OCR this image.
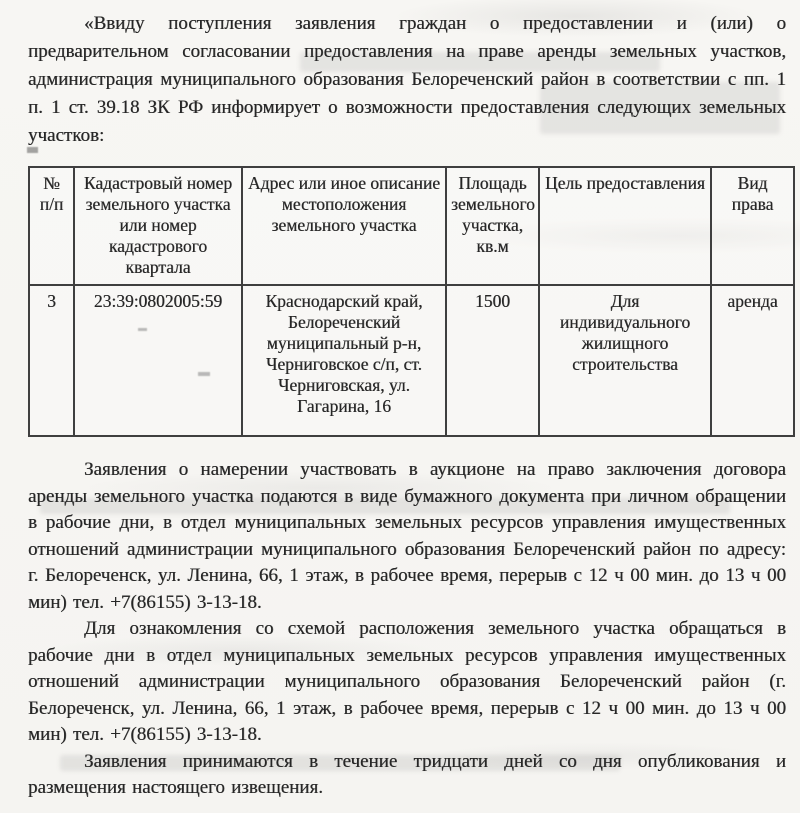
«Ввиду поступления заявления граждан о предоставлении и (или) о предварительном согласовании предоставления на праве аренды земельных участков, администрация муниципального образования Белореченский район в соответствии с пп. 1 п. 1 ст. 39.18 ЗК РФ информирует о возможности предоставления следующих земельных участков:

№ п/п	Кадастровый номер земельного участка или номер кадастрового квартала	Адрес или иное описание местоположения земельного участка	Площадь земельного участка, кв.м	Цель предоставления	Вид права
3	23:39:0802005:59	Краснодарский край, Белореченский муниципальный р-н, Черниговское с/п, ст. Черниговская, ул. Гагарина, 16	1500	Для индивидуального жилищного строительства	аренда

Заявления о намерении участвовать в аукционе на право заключения договора аренды земельного участка подаются в виде бумажного документа при личном обращении в рабочие дни, в отдел муниципальных земельных ресурсов управления имущественных отношений администрации муниципального образования Белореченский район по адресу: г. Белореченск, ул. Ленина, 66, 1 этаж, в рабочее время, перерыв с 12 ч 00 мин. до 13 ч 00 мин) тел. +7(86155) 3-13-18.

Для ознакомления со схемой расположения земельного участка обращаться в рабочие дни в отдел муниципальных земельных ресурсов управления имущественных отношений администрации муниципального образования Белореченский район (г. Белореченск, ул. Ленина, 66, 1 этаж, в рабочее время, перерыв с 12 ч 00 мин. до 13 ч 00 мин) тел. +7(86155) 3-13-18.

Заявления принимаются в течение тридцати дней со дня опубликования и размещения настоящего извещения.
